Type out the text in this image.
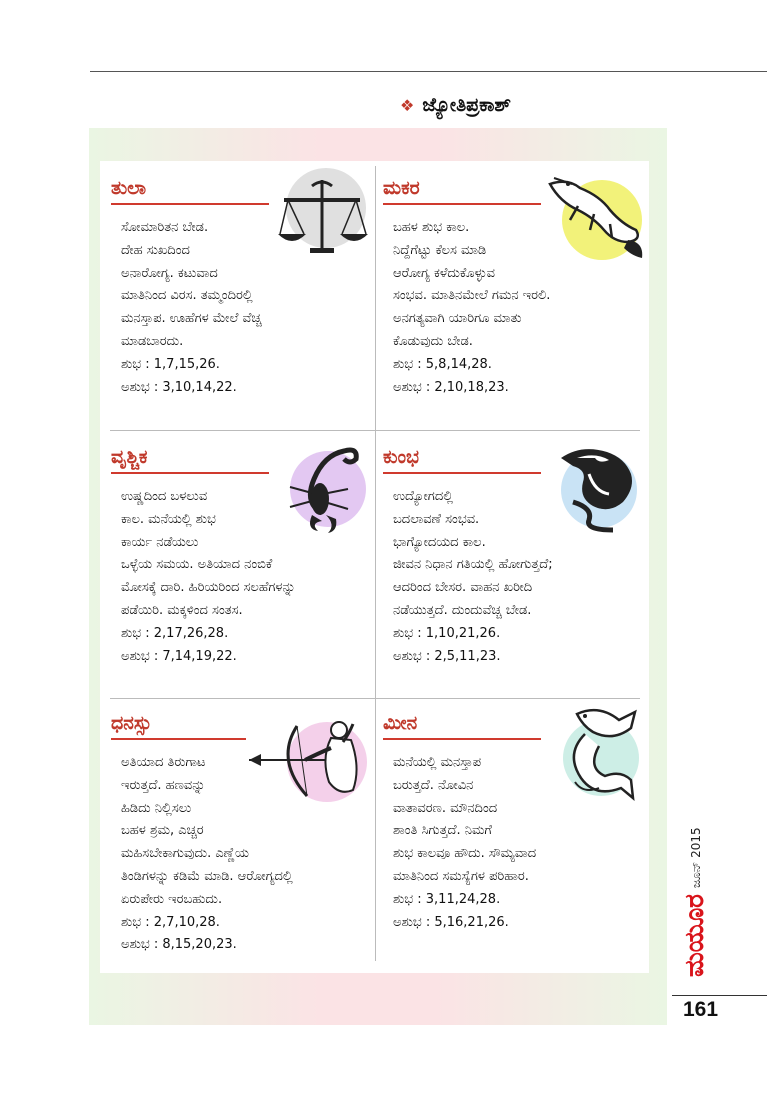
❖ ಜ್ಯೋತಿಪ್ರಕಾಶ್
ತುಲಾ
ಸೋಮಾರಿತನ ಬೇಡ.
ದೇಹ ಸುಖದಿಂದ
ಅನಾರೋಗ್ಯ. ಕಟುವಾದ
ಮಾತಿನಿಂದ ವಿರಸ. ತಮ್ಮಂದಿರಲ್ಲಿ
ಮನಸ್ತಾಪ. ಊಹೆಗಳ ಮೇಲೆ ವೆಚ್ಚ
ಮಾಡಬಾರದು.
ಶುಭ : 1,7,15,26.
ಅಶುಭ : 3,10,14,22.
ಮಕರ
ಬಹಳ ಶುಭ ಕಾಲ.
ನಿದ್ದೆಗೆಟ್ಟು ಕೆಲಸ ಮಾಡಿ
ಆರೋಗ್ಯ ಕಳೆದುಕೊಳ್ಳುವ
ಸಂಭವ. ಮಾತಿನಮೇಲೆ ಗಮನ ಇರಲಿ.
ಅನಗತ್ಯವಾಗಿ ಯಾರಿಗೂ ಮಾತು
ಕೊಡುವುದು ಬೇಡ.
ಶುಭ : 5,8,14,28.
ಅಶುಭ : 2,10,18,23.
ವೃಶ್ಚಿಕ
ಉಷ್ಣದಿಂದ ಬಳಲುವ
ಕಾಲ. ಮನೆಯಲ್ಲಿ ಶುಭ
ಕಾರ್ಯ ನಡೆಯಲು
ಒಳ್ಳೆಯ ಸಮಯ. ಅತಿಯಾದ ನಂಬಿಕೆ
ಮೋಸಕ್ಕೆ ದಾರಿ. ಹಿರಿಯರಿಂದ ಸಲಹೆಗಳನ್ನು
ಪಡೆಯಿರಿ. ಮಕ್ಕಳಿಂದ ಸಂತಸ.
ಶುಭ : 2,17,26,28.
ಅಶುಭ : 7,14,19,22.
ಕುಂಭ
ಉದ್ಯೋಗದಲ್ಲಿ
ಬದಲಾವಣೆ ಸಂಭವ.
ಭಾಗ್ಯೋದಯದ ಕಾಲ.
ಜೀವನ ನಿಧಾನ ಗತಿಯಲ್ಲಿ ಹೋಗುತ್ತದೆ;
ಆದರಿಂದ ಬೇಸರ. ವಾಹನ ಖರೀದಿ
ನಡೆಯುತ್ತದೆ. ದುಂದುವೆಚ್ಚ ಬೇಡ.
ಶುಭ : 1,10,21,26.
ಅಶುಭ : 2,5,11,23.
ಧನಸ್ಸು
ಅತಿಯಾದ ತಿರುಗಾಟ
ಇರುತ್ತದೆ. ಹಣವನ್ನು
ಹಿಡಿದು ನಿಲ್ಲಿಸಲು
ಬಹಳ ಶ್ರಮ, ಎಚ್ಚರ
ಮಹಿಸಬೇಕಾಗುವುದು. ಎಣ್ಣೆಯ
ತಿಂಡಿಗಳನ್ನು ಕಡಿಮೆ ಮಾಡಿ. ಆರೋಗ್ಯದಲ್ಲಿ
ಏರುಪೇರು ಇರಬಹುದು.
ಶುಭ : 2,7,10,28.
ಅಶುಭ : 8,15,20,23.
ಮೀನ
ಮನೆಯಲ್ಲಿ ಮನಸ್ತಾಪ
ಬರುತ್ತದೆ. ನೋವಿನ
ವಾತಾವರಣ. ಮೌನದಿಂದ
ಶಾಂತಿ ಸಿಗುತ್ತದೆ. ನಿಮಗೆ
ಶುಭ ಕಾಲವೂ ಹೌದು. ಸೌಮ್ಯವಾದ
ಮಾತಿನಿಂದ ಸಮಸ್ಯೆಗಳ ಪರಿಹಾರ.
ಶುಭ : 3,11,24,28.
ಅಶುಭ : 5,16,21,26.
ಜೂನ್ 2015
ಮಯೂರ
161
